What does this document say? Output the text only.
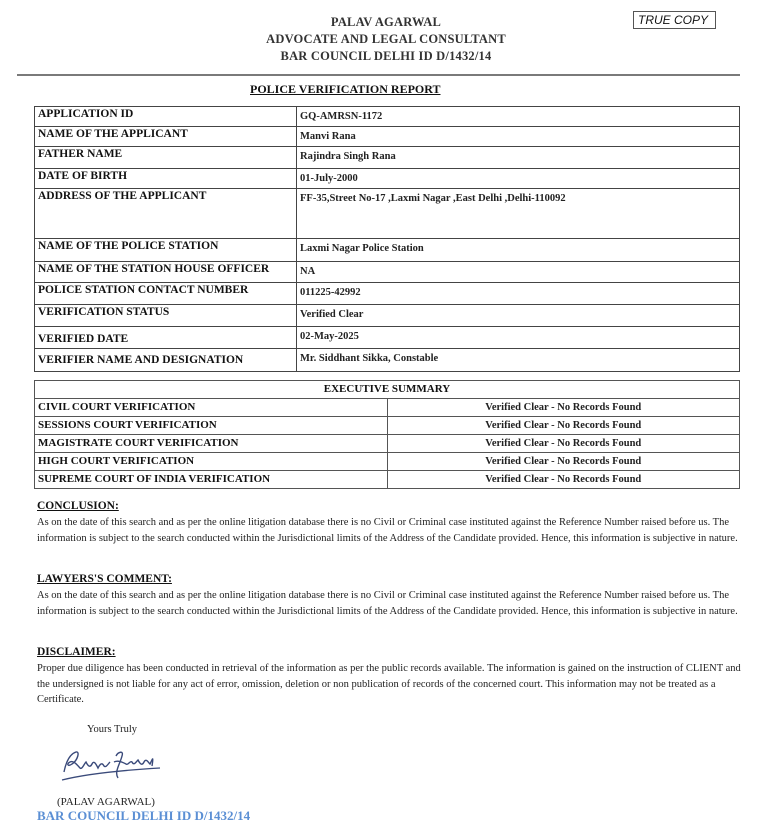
PALAV AGARWAL
ADVOCATE AND LEGAL CONSULTANT
BAR COUNCIL DELHI ID D/1432/14
TRUE COPY
POLICE VERIFICATION REPORT
APPLICATION ID	GQ-AMRSN-1172
NAME OF THE APPLICANT	Manvi Rana
FATHER NAME	Rajindra Singh Rana
DATE OF BIRTH	01-July-2000
ADDRESS OF THE APPLICANT	FF-35,Street No-17 ,Laxmi Nagar ,East Delhi ,Delhi-110092
NAME OF THE POLICE STATION	Laxmi Nagar Police Station
NAME OF THE STATION HOUSE OFFICER	NA
POLICE STATION CONTACT NUMBER	011225-42992
VERIFICATION STATUS	Verified Clear
VERIFIED DATE	02-May-2025
VERIFIER NAME AND DESIGNATION	Mr. Siddhant Sikka, Constable
EXECUTIVE SUMMARY	
CIVIL COURT VERIFICATION	Verified Clear - No Records Found
SESSIONS COURT VERIFICATION	Verified Clear - No Records Found
MAGISTRATE COURT VERIFICATION	Verified Clear - No Records Found
HIGH COURT VERIFICATION	Verified Clear - No Records Found
SUPREME COURT OF INDIA VERIFICATION	Verified Clear - No Records Found
CONCLUSION:
As on the date of this search and as per the online litigation database there is no Civil or Criminal case instituted against the Reference Number raised before us. The information is subject to the search conducted within the Jurisdictional limits of the Address of the Candidate provided. Hence, this information is subjective in nature.
LAWYERS'S COMMENT:
As on the date of this search and as per the online litigation database there is no Civil or Criminal case instituted against the Reference Number raised before us. The information is subject to the search conducted within the Jurisdictional limits of the Address of the Candidate provided. Hence, this information is subjective in nature.
DISCLAIMER:
Proper due diligence has been conducted in retrieval of the information as per the public records available. The information is gained on the instruction of CLIENT and the undersigned is not liable for any act of error, omission, deletion or non publication of records of the concerned court. This information may not be treated as a Certificate.
Yours Truly
(PALAV AGARWAL)
BAR COUNCIL DELHI ID D/1432/14
